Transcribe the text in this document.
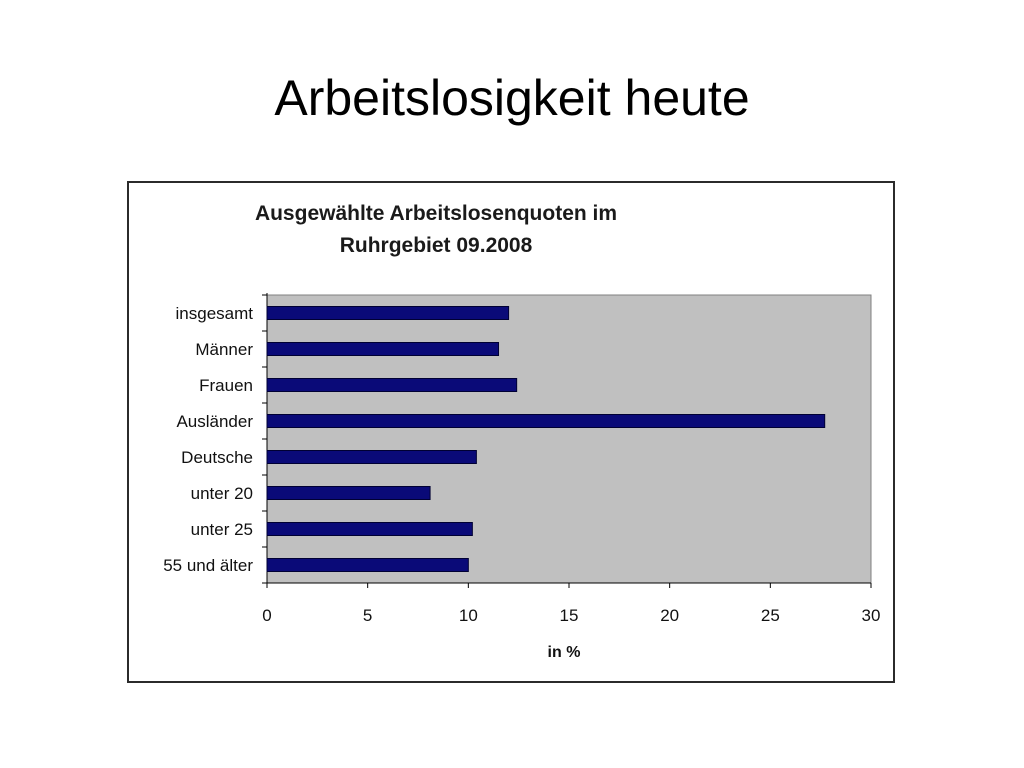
Arbeitslosigkeit heute
Ausgewählte Arbeitslosenquoten im
Ruhrgebiet 09.2008
insgesamt
Männer
Frauen
Ausländer
Deutsche
unter 20
unter 25
55 und älter
0	5	10	15	20	25	30
in %
